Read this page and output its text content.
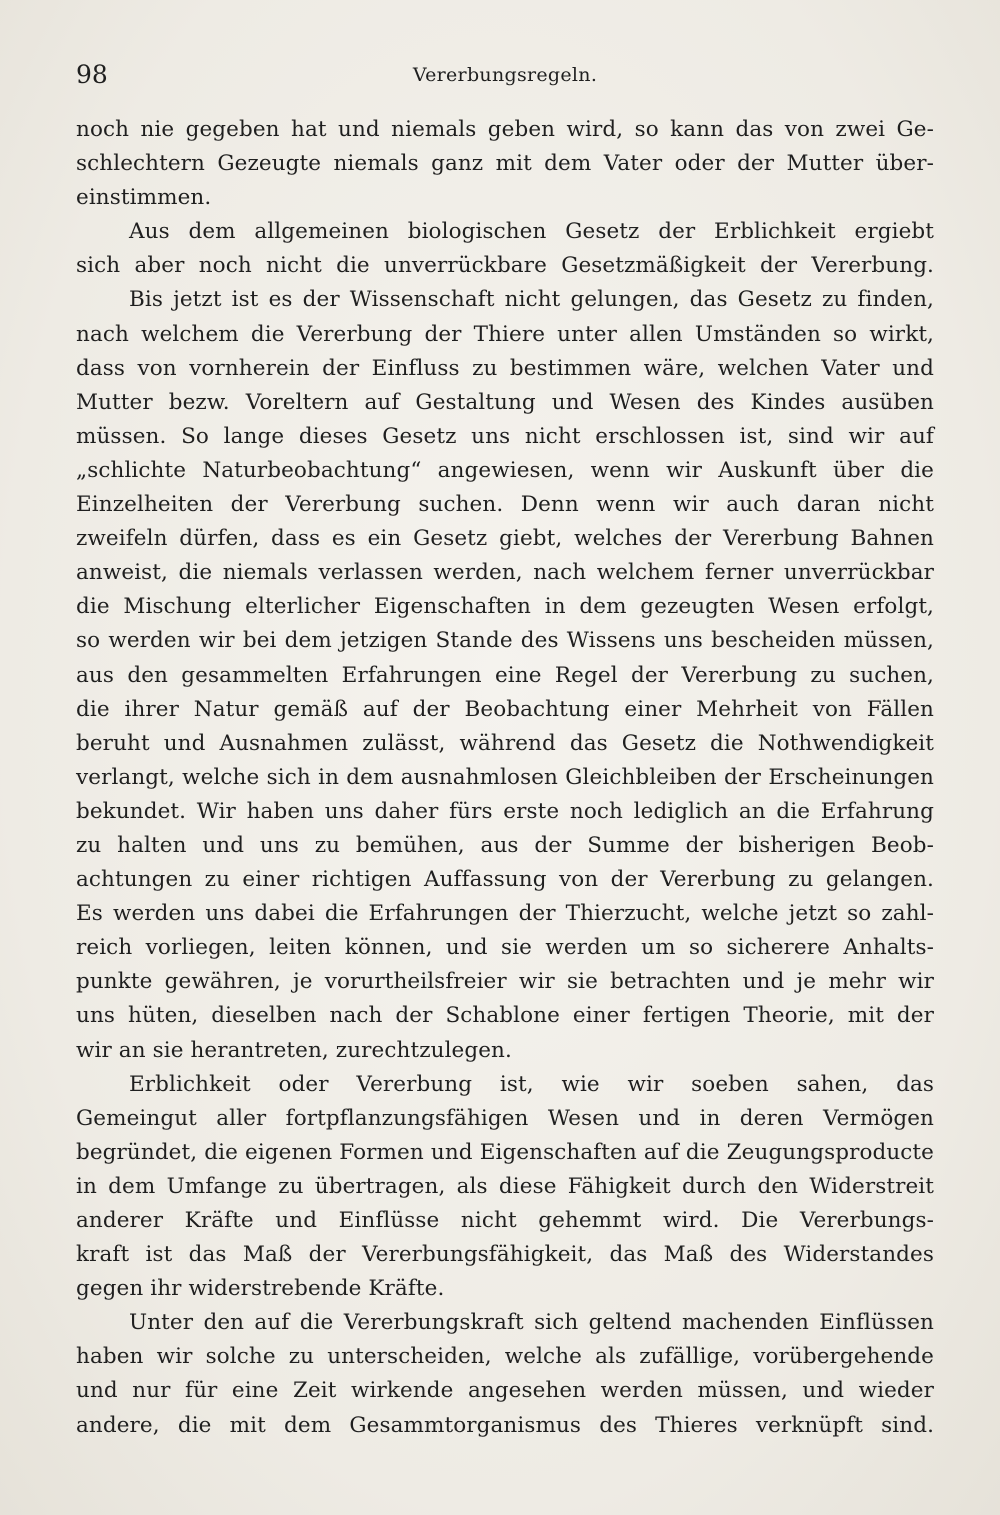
98	Vererbungsregeln.
noch nie gegeben hat und niemals geben wird, so kann das von zwei Ge-
schlechtern Gezeugte niemals ganz mit dem Vater oder der Mutter über-
einstimmen.
Aus dem allgemeinen biologischen Gesetz der Erblichkeit ergiebt
sich aber noch nicht die unverrückbare Gesetzmäßigkeit der Vererbung.
Bis jetzt ist es der Wissenschaft nicht gelungen, das Gesetz zu finden,
nach welchem die Vererbung der Thiere unter allen Umständen so wirkt,
dass von vornherein der Einfluss zu bestimmen wäre, welchen Vater und
Mutter bezw. Voreltern auf Gestaltung und Wesen des Kindes ausüben
müssen. So lange dieses Gesetz uns nicht erschlossen ist, sind wir auf
„schlichte Naturbeobachtung“ angewiesen, wenn wir Auskunft über die
Einzelheiten der Vererbung suchen. Denn wenn wir auch daran nicht
zweifeln dürfen, dass es ein Gesetz giebt, welches der Vererbung Bahnen
anweist, die niemals verlassen werden, nach welchem ferner unverrückbar
die Mischung elterlicher Eigenschaften in dem gezeugten Wesen erfolgt,
so werden wir bei dem jetzigen Stande des Wissens uns bescheiden müssen,
aus den gesammelten Erfahrungen eine Regel der Vererbung zu suchen,
die ihrer Natur gemäß auf der Beobachtung einer Mehrheit von Fällen
beruht und Ausnahmen zulässt, während das Gesetz die Nothwendigkeit
verlangt, welche sich in dem ausnahmlosen Gleichbleiben der Erscheinungen
bekundet. Wir haben uns daher fürs erste noch lediglich an die Erfahrung
zu halten und uns zu bemühen, aus der Summe der bisherigen Beob-
achtungen zu einer richtigen Auffassung von der Vererbung zu gelangen.
Es werden uns dabei die Erfahrungen der Thierzucht, welche jetzt so zahl-
reich vorliegen, leiten können, und sie werden um so sicherere Anhalts-
punkte gewähren, je vorurtheilsfreier wir sie betrachten und je mehr wir
uns hüten, dieselben nach der Schablone einer fertigen Theorie, mit der
wir an sie herantreten, zurechtzulegen.
Erblichkeit oder Vererbung ist, wie wir soeben sahen, das
Gemeingut aller fortpflanzungsfähigen Wesen und in deren Vermögen
begründet, die eigenen Formen und Eigenschaften auf die Zeugungsproducte
in dem Umfange zu übertragen, als diese Fähigkeit durch den Widerstreit
anderer Kräfte und Einflüsse nicht gehemmt wird. Die Vererbungs-
kraft ist das Maß der Vererbungsfähigkeit, das Maß des Widerstandes
gegen ihr widerstrebende Kräfte.
Unter den auf die Vererbungskraft sich geltend machenden Einflüssen
haben wir solche zu unterscheiden, welche als zufällige, vorübergehende
und nur für eine Zeit wirkende angesehen werden müssen, und wieder
andere, die mit dem Gesammtorganismus des Thieres verknüpft sind.
